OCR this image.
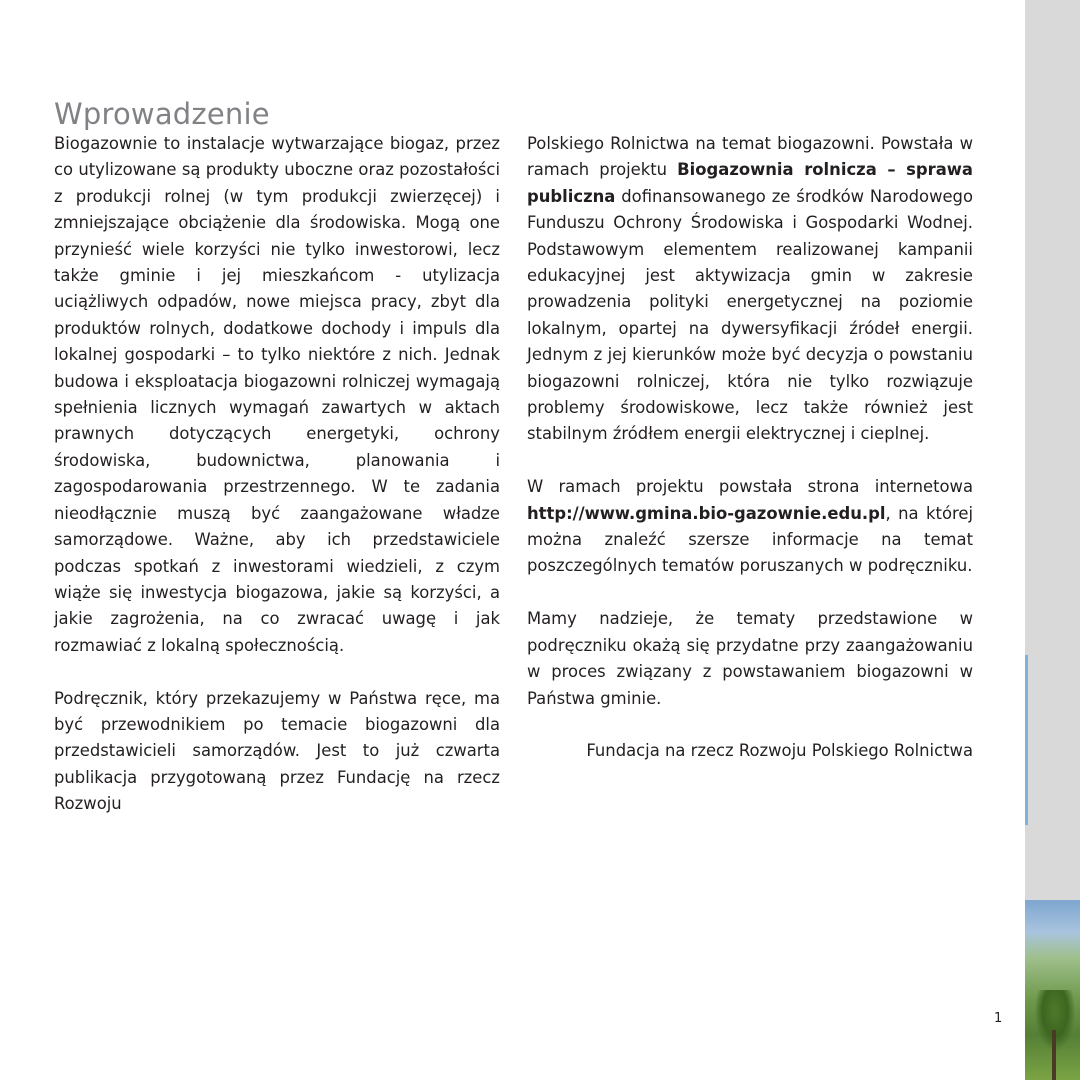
Wprowadzenie

Biogazownie to instalacje wytwarzające biogaz, przez co utylizowane są produkty uboczne oraz pozostałości z produkcji rolnej (w tym produkcji zwierzęcej) i zmniejszające obciążenie dla środowiska. Mogą one przynieść wiele korzyści nie tylko inwestorowi, lecz także gminie i jej mieszkańcom - utylizacja uciążliwych odpadów, nowe miejsca pracy, zbyt dla produktów rolnych, dodatkowe dochody i impuls dla lokalnej gospodarki – to tylko niektóre z nich. Jednak budowa i eksploatacja biogazowni rolniczej wymagają spełnienia licznych wymagań zawartych w aktach prawnych dotyczących energetyki, ochrony środowiska, budownictwa, planowania i zagospodarowania przestrzennego. W te zadania nieodłącznie muszą być zaangażowane władze samorządowe. Ważne, aby ich przedstawiciele podczas spotkań z inwestorami wiedzieli, z czym wiąże się inwestycja biogazowa, jakie są korzyści, a jakie zagrożenia, na co zwracać uwagę i jak rozmawiać z lokalną społecznością.

Podręcznik, który przekazujemy w Państwa ręce, ma być przewodnikiem po temacie biogazowni dla przedstawicieli samorządów. Jest to już czwarta publikacja przygotowaną przez Fundację na rzecz Rozwoju

Polskiego Rolnictwa na temat biogazowni. Powstała w ramach projektu Biogazownia rolnicza – sprawa publiczna dofinansowanego ze środków Narodowego Funduszu Ochrony Środowiska i Gospodarki Wodnej. Podstawowym elementem realizowanej kampanii edukacyjnej jest aktywizacja gmin w zakresie prowadzenia polityki energetycznej na poziomie lokalnym, opartej na dywersyfikacji źródeł energii. Jednym z jej kierunków może być decyzja o powstaniu biogazowni rolniczej, która nie tylko rozwiązuje problemy środowiskowe, lecz także również jest stabilnym źródłem energii elektrycznej i cieplnej.

W ramach projektu powstała strona internetowa http://www.gmina.bio-gazownie.edu.pl, na której można znaleźć szersze informacje na temat poszczególnych tematów poruszanych w podręczniku.

Mamy nadzieje, że tematy przedstawione w podręczniku okażą się przydatne przy zaangażowaniu w proces związany z powstawaniem biogazowni w Państwa gminie.

Fundacja na rzecz Rozwoju Polskiego Rolnictwa

1
